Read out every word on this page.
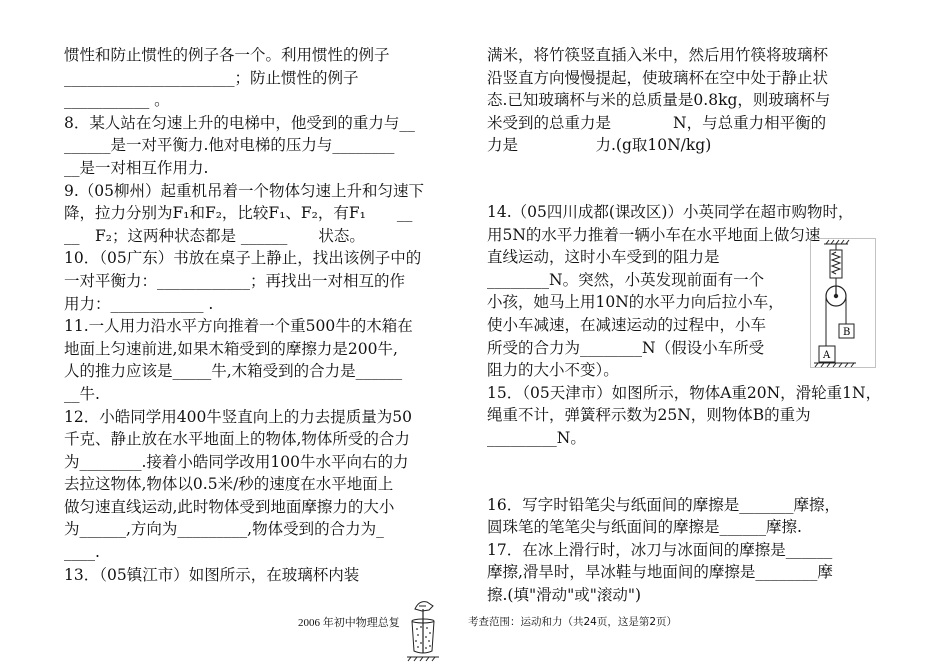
惯性和防止惯性的例子各一个。利用惯性的例子

______________________；防止惯性的例子

___________ 。

8．某人站在匀速上升的电梯中，他受到的重力与__

______是一对平衡力.他对电梯的压力与________

__是一对相互作用力.

9.（05柳州）起重机吊着一个物体匀速上升和匀速下

降，拉力分别为F₁和F₂，比较F₁、F₂，有F₁　　__

__　F₂；这两种状态都是 ______　　状态。

10．（05广东）书放在桌子上静止，找出该例子中的

一对平衡力：____________；再找出一对相互的作

用力：____________ .

11.一人用力沿水平方向推着一个重500牛的木箱在

地面上匀速前进,如果木箱受到的摩擦力是200牛,

人的推力应该是_____牛,木箱受到的合力是______

__牛.

12．小皓同学用400牛竖直向上的力去提质量为50

千克、静止放在水平地面上的物体,物体所受的合力

为________.接着小皓同学改用100牛水平向右的力

去拉这物体,物体以0.5米/秒的速度在水平地面上

做匀速直线运动,此时物体受到地面摩擦力的大小

为______,方向为_________,物体受到的合力为_

____.

13．（05镇江市）如图所示，在玻璃杯内装

满米，将竹筷竖直插入米中，然后用竹筷将玻璃杯

沿竖直方向慢慢提起，使玻璃杯在空中处于静止状

态.已知玻璃杯与米的总质量是0.8kg，则玻璃杯与

米受到的总重力是　　　　N，与总重力相平衡的

力是　　　　　力.(g取10N/kg)

14.（05四川成都(课改区)）小英同学在超市购物时，

用5N的水平力推着一辆小车在水平地面上做匀速

直线运动，这时小车受到的阻力是

________N。突然，小英发现前面有一个

小孩，她马上用10N的水平力向后拉小车，

使小车减速，在减速运动的过程中，小车

所受的合力为________N（假设小车所受

阻力的大小不变）。

15．（05天津市）如图所示，物体A重20N，滑轮重1N，

绳重不计，弹簧秤示数为25N，则物体B的重为

_________N。

16．写字时铅笔尖与纸面间的摩擦是_______摩擦，

圆珠笔的笔笔尖与纸面间的摩擦是______摩擦.

17．在冰上滑行时，冰刀与冰面间的摩擦是______

摩擦,滑旱时，旱冰鞋与地面间的摩擦是________摩

擦.(填"滑动"或"滚动")

B
A
2006 年初中物理总复	考查范围：运动和力（共24页，这是第2页）
